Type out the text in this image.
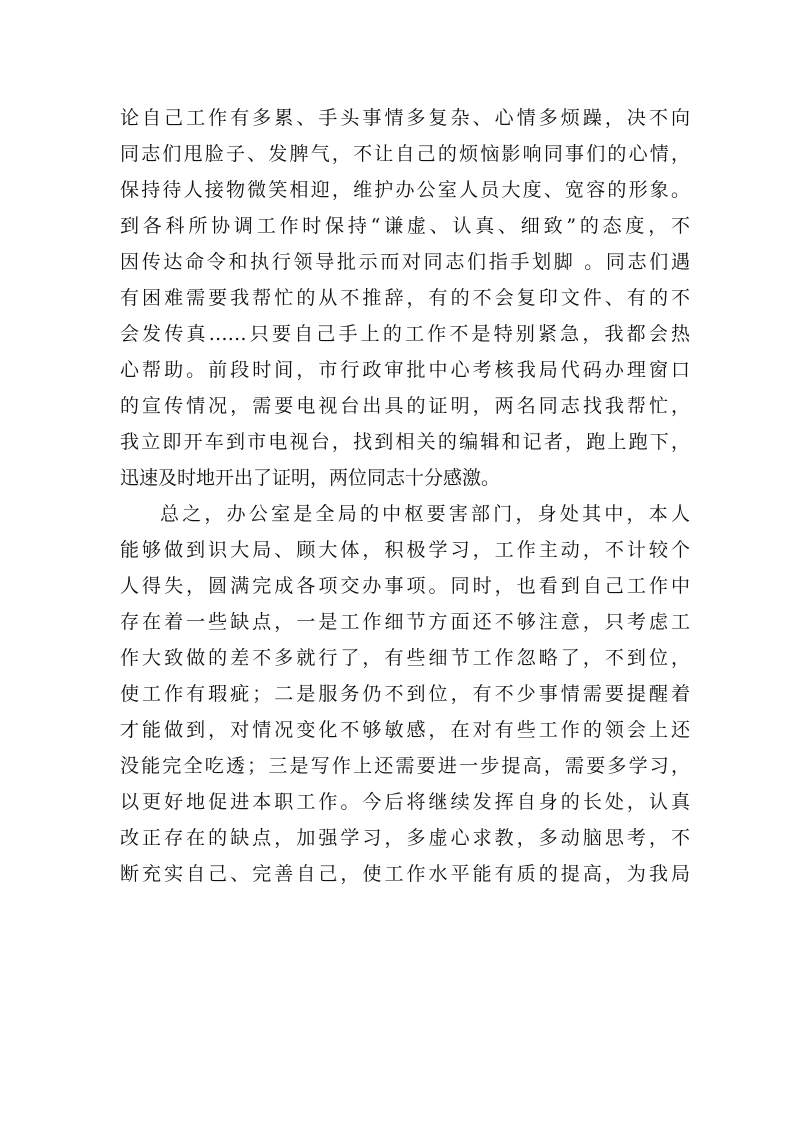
论自己工作有多累、手头事情多复杂、心情多烦躁，决不向
同志们甩脸子、发脾气，不让自己的烦恼影响同事们的心情，
保持待人接物微笑相迎，维护办公室人员大度、宽容的形象。
到各科所协调工作时保持“谦虚、认真、细致”的态度，不
因传达命令和执行领导批示而对同志们指手划脚 。同志们遇
有困难需要我帮忙的从不推辞，有的不会复印文件、有的不
会发传真……只要自己手上的工作不是特别紧急，我都会热
心帮助。前段时间，市行政审批中心考核我局代码办理窗口
的宣传情况，需要电视台出具的证明，两名同志找我帮忙，
我立即开车到市电视台，找到相关的编辑和记者，跑上跑下，
迅速及时地开出了证明，两位同志十分感激。
总之，办公室是全局的中枢要害部门，身处其中，本人
能够做到识大局、顾大体，积极学习，工作主动，不计较个
人得失，圆满完成各项交办事项。同时，也看到自己工作中
存在着一些缺点，一是工作细节方面还不够注意，只考虑工
作大致做的差不多就行了，有些细节工作忽略了，不到位，
使工作有瑕疵；二是服务仍不到位，有不少事情需要提醒着
才能做到，对情况变化不够敏感，在对有些工作的领会上还
没能完全吃透；三是写作上还需要进一步提高，需要多学习，
以更好地促进本职工作。今后将继续发挥自身的长处，认真
改正存在的缺点，加强学习，多虚心求教，多动脑思考，不
断充实自己、完善自己，使工作水平能有质的提高，为我局
